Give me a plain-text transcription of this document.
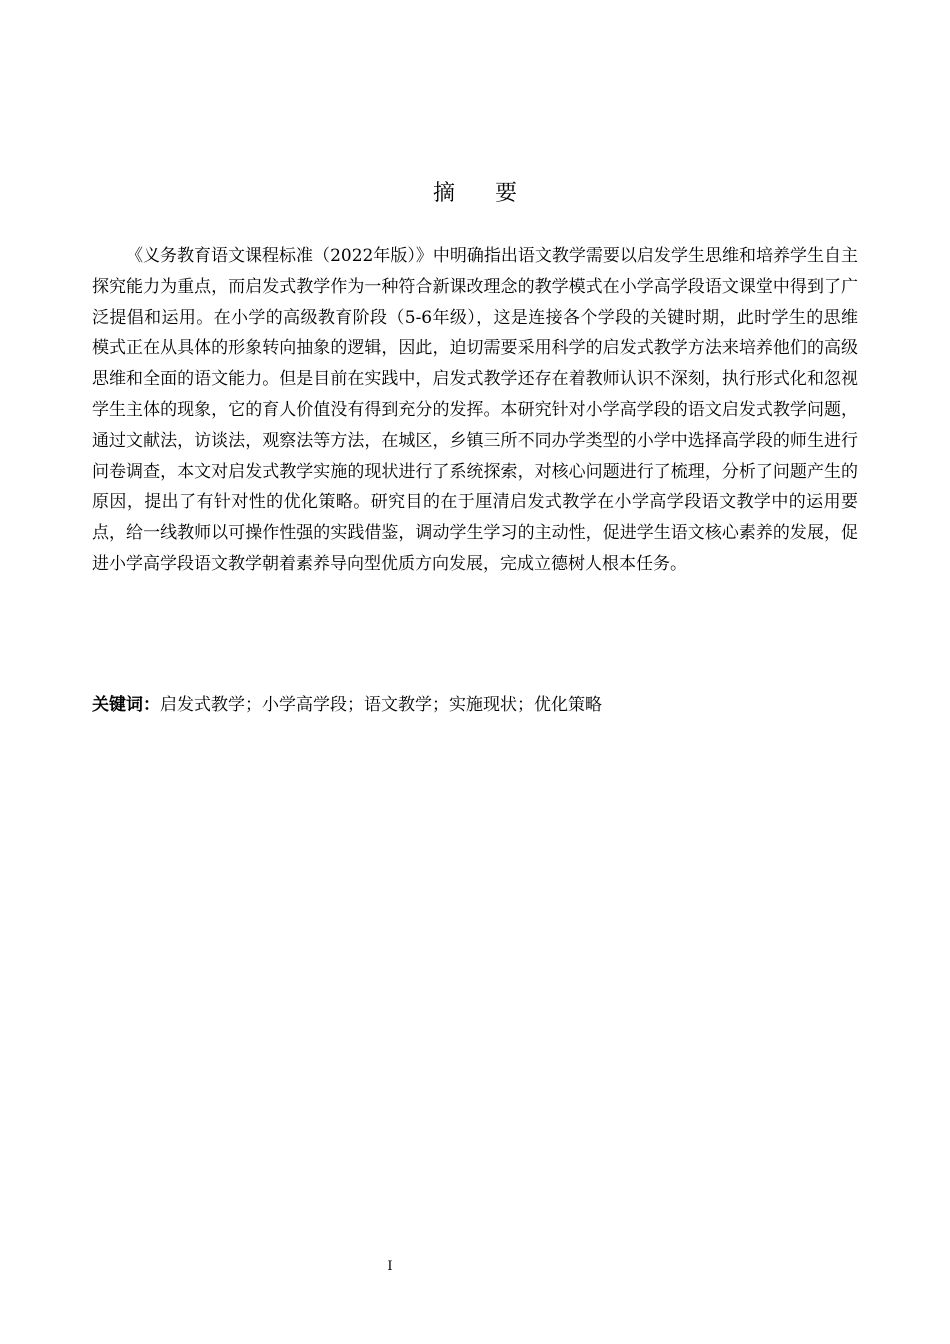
摘要

《义务教育语文课程标准（2022年版）》中明确指出语文教学需要以启发学生思维和培养学生自主探究能力为重点，而启发式教学作为一种符合新课改理念的教学模式在小学高学段语文课堂中得到了广泛提倡和运用。在小学的高级教育阶段（5-6年级），这是连接各个学段的关键时期，此时学生的思维模式正在从具体的形象转向抽象的逻辑，因此，迫切需要采用科学的启发式教学方法来培养他们的高级思维和全面的语文能力。但是目前在实践中，启发式教学还存在着教师认识不深刻，执行形式化和忽视学生主体的现象，它的育人价值没有得到充分的发挥。本研究针对小学高学段的语文启发式教学问题，通过文献法，访谈法，观察法等方法，在城区，乡镇三所不同办学类型的小学中选择高学段的师生进行问卷调查，本文对启发式教学实施的现状进行了系统探索，对核心问题进行了梳理，分析了问题产生的原因，提出了有针对性的优化策略。研究目的在于厘清启发式教学在小学高学段语文教学中的运用要点，给一线教师以可操作性强的实践借鉴，调动学生学习的主动性，促进学生语文核心素养的发展，促进小学高学段语文教学朝着素养导向型优质方向发展，完成立德树人根本任务。

关键词：启发式教学；小学高学段；语文教学；实施现状；优化策略

I
